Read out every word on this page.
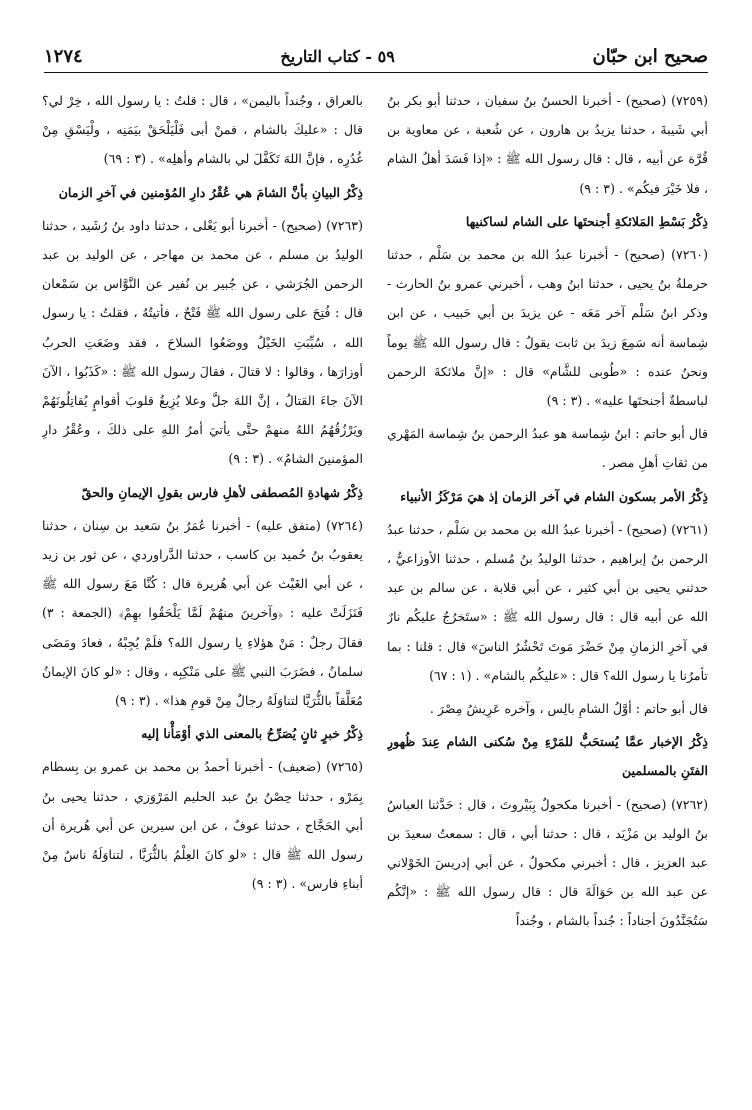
صحيح ابن حبّان
٥٩ - كتاب التاريخ
١٢٧٤

(٧٢٥٩) (صحيح) - أخبرنا الحسنُ بنُ سفيان ، حدثنا أبو بكر بنُ أبي شَيبةَ ، حدثنا يزيدُ بن هارون ، عن شُعبة ، عن معاوية بن قُرَّة عن أبيه ، قال : قال رسول الله ﷺ : «إذا فَسَدَ أهلُ الشام ، فلا خَيْرَ فيكُم» . (٣ : ٩)

ذِكْرُ بَسْطِ المَلائكةِ أجنحتَها على الشام لساكنيها

(٧٢٦٠) (صحيح) - أخبرنا عبدُ الله بن محمد بن سَلْم ، حدثنا حرملةُ بنُ يحيى ، حدثنا ابنُ وهب ، أخبرني عمرو بنُ الحارث - وذكر ابنُ سَلْم آخر مَعَه - عن يزيدَ بن أبي حَبيب ، عن ابن شِماسة أنه سَمِعَ زيدَ بن ثابت يقولُ : قال رسول الله ﷺ يوماً ونحنُ عنده : «طُوبى للشَّام» قال : «إنَّ ملائكةَ الرحمن لباسطةٌ أجنحتَها عليه» . (٣ : ٩)

قال أبو حاتم : ابنُ شِماسة هو عبدُ الرحمن بنُ شِماسة المَهْري من ثقاتِ أهلِ مصر .

ذِكْرُ الأمر بسكون الشام في آخر الزمان إذ هيَ مَرْكَزُ الأنبياء

(٧٢٦١) (صحيح) - أخبرنا عبدُ الله بن محمد بن سَلْم ، حدثنا عبدُ الرحمن بنُ إبراهيم ، حدثنا الوليدُ بنُ مُسلم ، حدثنا الأوزاعيُّ ، حدثني يحيى بن أبي كثير ، عن أبي قلابة ، عن سالم بن عبد الله عن أبيه قال : قال رسول الله ﷺ : «ستَخرُجُ عليكُم نارٌ في آخرِ الزمانِ مِنْ حَضْرَ مَوتَ تَحْشُرُ الناسَ» قال : قلنا : بما تأمرُنا يا رسول الله؟ قال : «عليكُم بالشام» . (١ : ٦٧)

قال أبو حاتم : أوَّلُ الشامِ بالِس ، وآخره عَرِيشُ مِصْرَ .

ذِكْرُ الإخبار عمَّا يُستحَبُّ للمَرْءِ مِنْ سُكنى الشام عِندَ ظُهورِ الفتَنِ بالمسلمين

(٧٢٦٢) (صحيح) - أخبرنا مكحولٌ بِبَيْروتَ ، قال : حَدَّثنا العباسُ بنُ الوليد بن مَزْيَد ، قال : حدثنا أبي ، قال : سمعتُ سعيدَ بن عبد العزيز ، قال : أخبرني مكحولٌ ، عن أبي إدريسَ الخَوْلاني عن عبد الله بن حَوَالَةَ قال : قال رسول الله ﷺ : «إنَّكُم سَتُجَنَّدُونَ أجناداً : جُنداً بالشام ، وجُنداً

بالعراق ، وجُنداً باليمن» ، قال : قلتُ : يا رسول الله ، خِرْ لي؟ قال : «عليكَ بالشام ، فمنْ أبى فَلْيَلْحَقْ بيَمَنِه ، ولْيَسْقِ مِنْ غُدُرِه ، فإنَّ اللهَ تَكَفَّلَ لي بالشام وأهلِه» . (٣ : ٦٩)

ذِكْرُ البيانِ بأنَّ الشامَ هي عُقْرُ دارِ المُؤمنين في آخرِ الزمان

(٧٢٦٣) (صحيح) - أخبرنا أبو يَعْلى ، حدثنا داود بنُ رُشَيد ، حدثنا الوليدُ بن مسلم ، عن محمد بن مهاجر ، عن الوليد بن عبد الرحمن الجُرَشي ، عن جُبير بن نُفير عن النَّوَّاس بن سَمْعان قال : فُتِحَ على رسول الله ﷺ فَتْحٌ ، فأتيتُهُ ، فقلتُ : يا رسول الله ، سُيِّبَتِ الخَيْلُ ووضَعُوا السلاحَ ، فقد وضَعَتِ الحربُ أوزارَها ، وقالوا : لا قتالَ ، فقالَ رسول الله ﷺ : «كَذَبُوا ، الآنَ الآنَ جاءَ القتالُ ، إنَّ اللهَ جلَّ وعلا يُزِيغُ قلوبَ أقوامٍ يُقاتِلُونَهُمْ ويَرْزُقُهُمُ اللهُ منهمْ حتَّى يأتيَ أمرُ اللهِ على ذلكَ ، وعُقْرُ دارِ المؤمنينَ الشامُ» . (٣ : ٩)

ذِكْرُ شهادةِ المُصطفى لأهلِ فارس بقولِ الإيمانِ والحقّ

(٧٢٦٤) (متفق عليه) - أخبرنا عُمَرُ بنُ سَعيد بن سِنان ، حدثنا يعقوبُ بنُ حُميد بن كاسب ، حدثنا الدَّراوردي ، عن ثور بن زيد ، عن أبي الغَيْث عن أبي هُريرة قال : كُنَّا مَعَ رسول الله ﷺ فَنَزَلَتْ عليه : ﴿وآخرينَ منهُمْ لَمَّا يَلْحَقُوا بهِمْ﴾ (الجمعة : ٣) فقالَ رجلٌ : مَنْ هؤلاءِ يا رسول الله؟ فلَمْ يُجِبْهُ ، فعادَ ومَضَى سلمانُ ، فضَرَبَ النبي ﷺ على مَنْكِبِه ، وقال : «لو كانَ الإيمانُ مُعَلَّقاً بالثُّرَيَّا لتناوَلَهُ رجالٌ مِنْ قومِ هذا» . (٣ : ٩)

ذِكْرُ خبرٍ ثانٍ يُصَرِّحُ بالمعنى الذي أوْمَأْنا إليه

(٧٢٦٥) (ضعيف) - أخبرنا أحمدُ بن محمد بن عمرو بن بِسطام بِمَرْو ، حدثنا حِصْنُ بنُ عبد الحليم المَرْوَزي ، حدثنا يحيى بنُ أبي الحَجَّاج ، حدثنا عوفٌ ، عن ابن سيرين عن أبي هُريرة أن رسول الله ﷺ قال : «لو كانَ العِلْمُ بالثُّرَيَّا ، لتناوَلَهُ ناسٌ مِنْ أبناءِ فارس» . (٣ : ٩)
